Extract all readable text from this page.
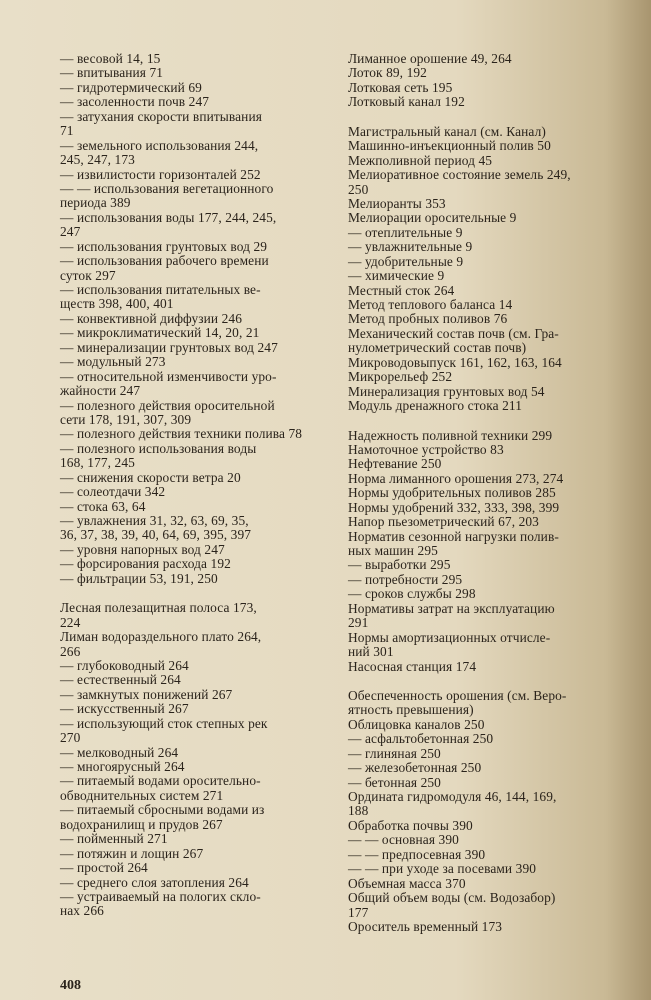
— весовой 14, 15
— впитывания 71
— гидротермический 69
— засоленности почв 247
— затухания скорости впитывания
71
— земельного использования 244,
245, 247, 173
— извилистости горизонталей 252
— — использования вегетационного
периода 389
— использования воды 177, 244, 245,
247
— использования грунтовых вод 29
— использования рабочего времени
суток 297
— использования питательных ве-
ществ 398, 400, 401
— конвективной диффузии 246
— микроклиматический 14, 20, 21
— минерализации грунтовых вод 247
— модульный 273
— относительной изменчивости уро-
жайности 247
— полезного действия оросительной
сети 178, 191, 307, 309
— полезного действия техники полива 78
— полезного использования воды
168, 177, 245
— снижения скорости ветра 20
— солеотдачи 342
— стока 63, 64
— увлажнения 31, 32, 63, 69, 35,
36, 37, 38, 39, 40, 64, 69, 395, 397
— уровня напорных вод 247
— форсирования расхода 192
— фильтрации 53, 191, 250
Лесная полезащитная полоса 173,
224
Лиман водораздельного плато 264,
266
— глубоководный 264
— естественный 264
— замкнутых понижений 267
— искусственный 267
— использующий сток степных рек
270
— мелководный 264
— многоярусный 264
— питаемый водами оросительно-
обводнительных систем 271
— питаемый сбросными водами из
водохранилищ и прудов 267
— пойменный 271
— потяжин и лощин 267
— простой 264
— среднего слоя затопления 264
— устраиваемый на пологих скло-
нах 266
Лиманное орошение 49, 264
Лоток 89, 192
Лотковая сеть 195
Лотковый канал 192
Магистральный канал (см. Канал)
Машинно-инъекционный полив 50
Межполивной период 45
Мелиоративное состояние земель 249,
250
Мелиоранты 353
Мелиорации оросительные 9
— отеплительные 9
— увлажнительные 9
— удобрительные 9
— химические 9
Местный сток 264
Метод теплового баланса 14
Метод пробных поливов 76
Механический состав почв (см. Гра-
нулометрический состав почв)
Микроводовыпуск 161, 162, 163, 164
Микрорельеф 252
Минерализация грунтовых вод 54
Модуль дренажного стока 211
Надежность поливной техники 299
Намоточное устройство 83
Нефтевание 250
Норма лиманного орошения 273, 274
Нормы удобрительных поливов 285
Нормы удобрений 332, 333, 398, 399
Напор пьезометрический 67, 203
Норматив сезонной нагрузки полив-
ных машин 295
— выработки 295
— потребности 295
— сроков службы 298
Нормативы затрат на эксплуатацию
291
Нормы амортизационных отчисле-
ний 301
Насосная станция 174
Обеспеченность орошения (см. Веро-
ятность превышения)
Облицовка каналов 250
— асфальтобетонная 250
— глиняная 250
— железобетонная 250
— бетонная 250
Ордината гидромодуля 46, 144, 169,
188
Обработка почвы 390
— — основная 390
— — предпосевная 390
— — при уходе за посевами 390
Объемная масса 370
Общий объем воды (см. Водозабор)
177
Ороситель временный 173
408
